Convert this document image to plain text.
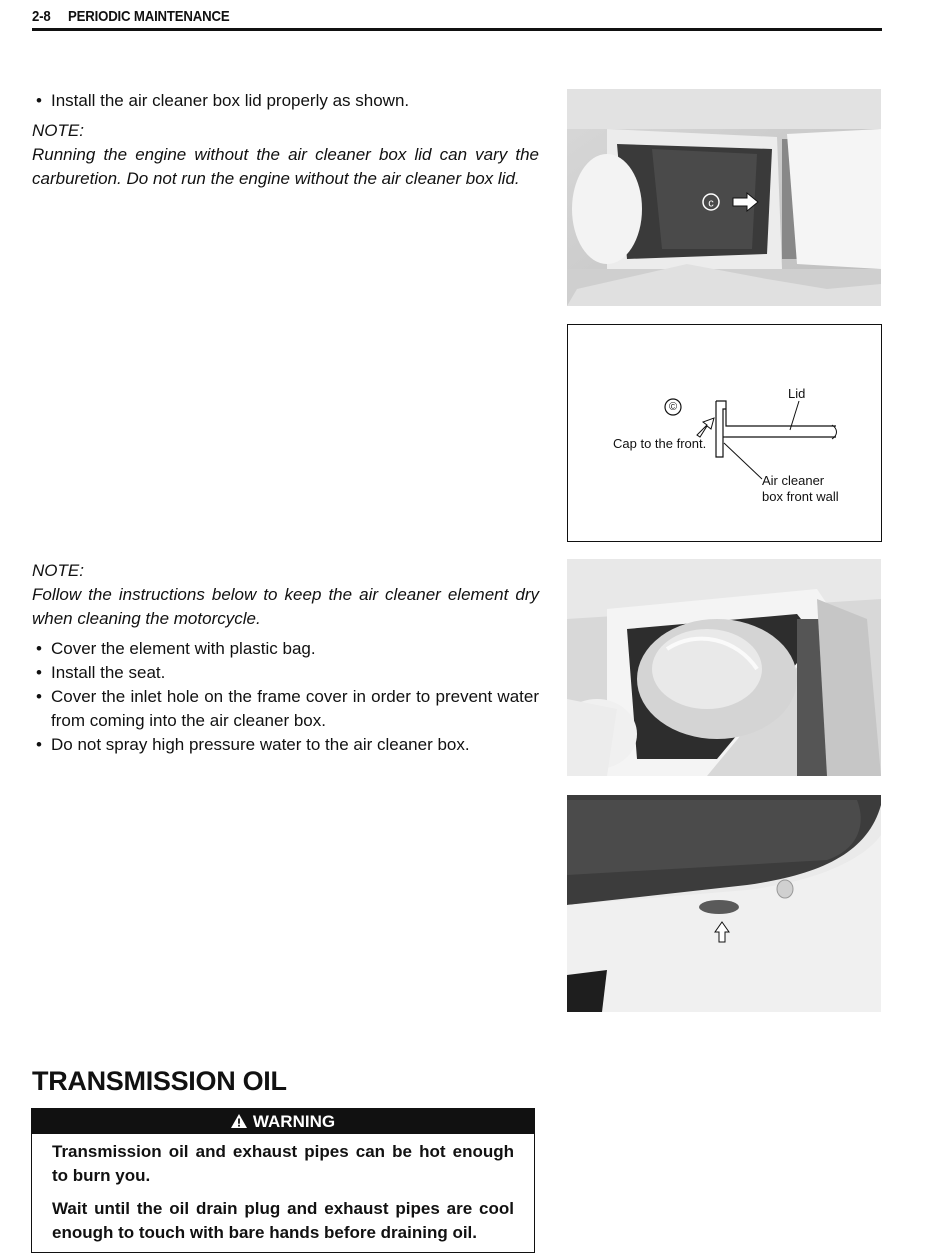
2-8 PERIODIC MAINTENANCE

• Install the air cleaner box lid properly as shown.

NOTE:

Running the engine without the air cleaner box lid can vary the carburetion. Do not run the engine without the air cleaner box lid.

c
©
Lid
Cap to the front.
Air cleaner
box front wall

NOTE:

Follow the instructions below to keep the air cleaner element dry when cleaning the motorcycle.

• Cover the element with plastic bag.

• Install the seat.

• Cover the inlet hole on the frame cover in order to prevent water from coming into the air cleaner box.

• Do not spray high pressure water to the air cleaner box.

TRANSMISSION OIL
WARNING

Transmission oil and exhaust pipes can be hot enough to burn you.

Wait until the oil drain plug and exhaust pipes are cool enough to touch with bare hands before draining oil.
